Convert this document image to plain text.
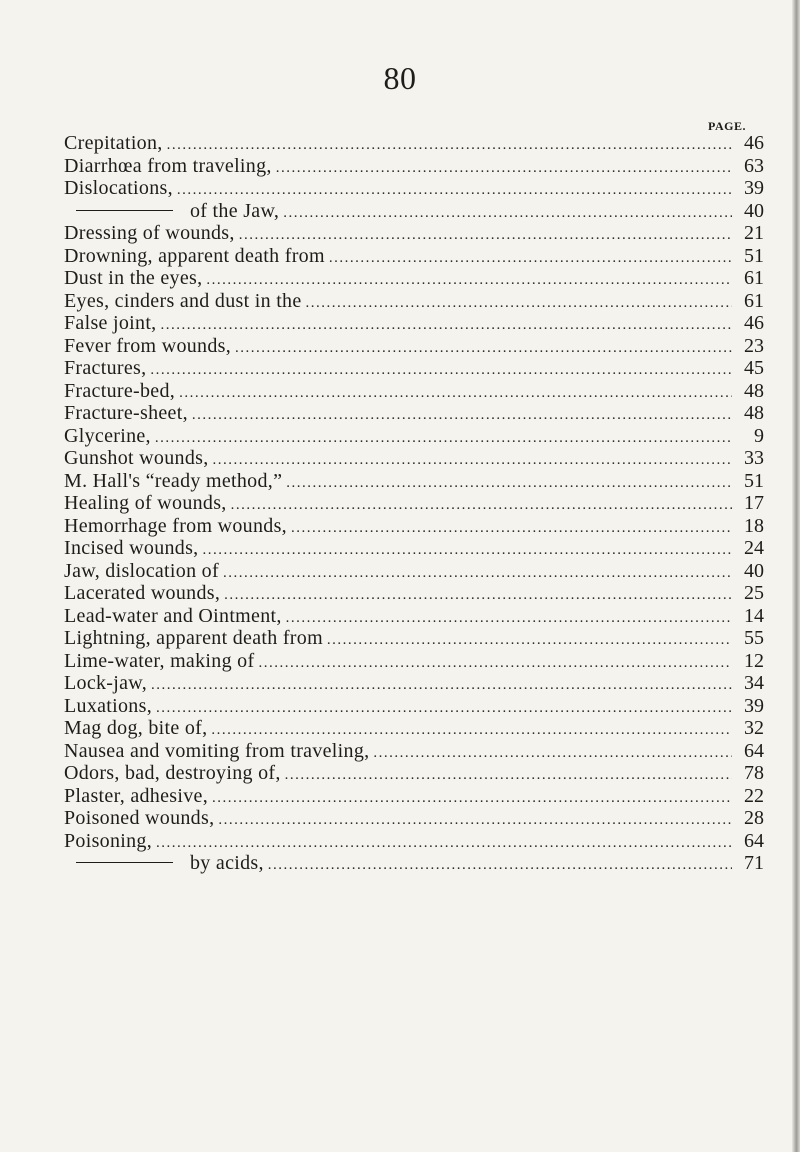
80
PAGE.
Crepitation, .....	46
Diarrhœa from traveling, .....	63
Dislocations, .....	39
of the Jaw, .....	40
Dressing of wounds, .....	21
Drowning, apparent death from .....	51
Dust in the eyes, .....	61
Eyes, cinders and dust in the .....	61
False joint, .....	46
Fever from wounds, .....	23
Fractures, .....	45
Fracture-bed, .....	48
Fracture-sheet, .....	48
Glycerine, .....	9
Gunshot wounds, .....	33
M. Hall's “ready method,” .....	51
Healing of wounds, .....	17
Hemorrhage from wounds, .....	18
Incised wounds, .....	24
Jaw, dislocation of .....	40
Lacerated wounds, .....	25
Lead-water and Ointment, .....	14
Lightning, apparent death from .....	55
Lime-water, making of .....	12
Lock-jaw, .....	34
Luxations, .....	39
Mag dog, bite of, .....	32
Nausea and vomiting from traveling, .....	64
Odors, bad, destroying of, .....	78
Plaster, adhesive, .....	22
Poisoned wounds, .....	28
Poisoning, .....	64
by acids, .....	71
